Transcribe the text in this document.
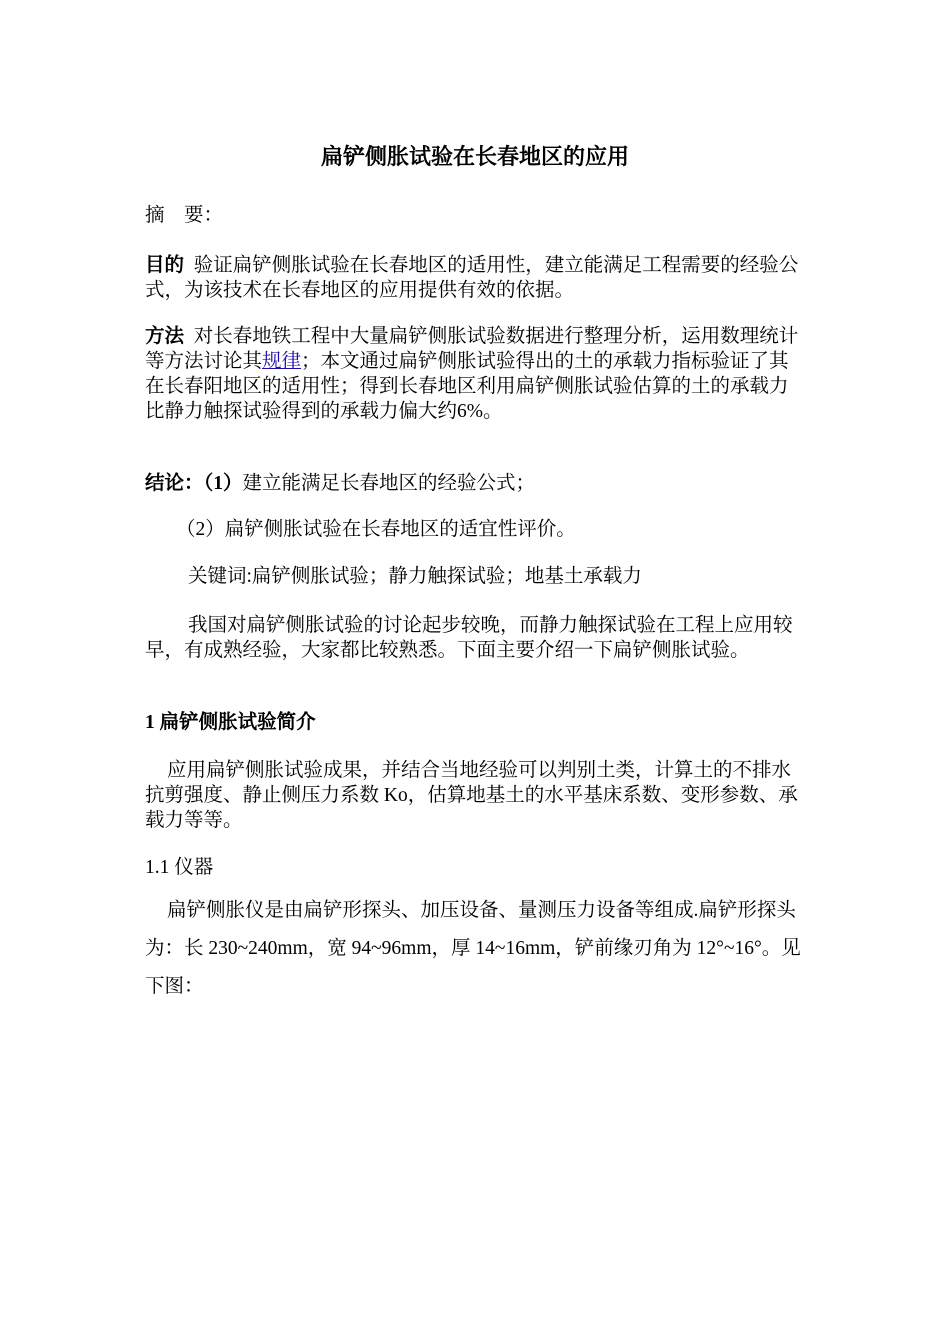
扁铲侧胀试验在长春地区的应用

摘　要：

目的 验证扁铲侧胀试验在长春地区的适用性，建立能满足工程需要的经验公式，为该技术在长春地区的应用提供有效的依据。

方法 对长春地铁工程中大量扁铲侧胀试验数据进行整理分析，运用数理统计等方法讨论其规律；本文通过扁铲侧胀试验得出的土的承载力指标验证了其在长春阳地区的适用性；得到长春地区利用扁铲侧胀试验估算的土的承载力比静力触探试验得到的承载力偏大约6%。

结论：（1）建立能满足长春地区的经验公式；

（2）扁铲侧胀试验在长春地区的适宜性评价。

关键词:扁铲侧胀试验；静力触探试验；地基土承载力

我国对扁铲侧胀试验的讨论起步较晚，而静力触探试验在工程上应用较早，有成熟经验，大家都比较熟悉。下面主要介绍一下扁铲侧胀试验。

1 扁铲侧胀试验简介

应用扁铲侧胀试验成果，并结合当地经验可以判别土类，计算土的不排水抗剪强度、静止侧压力系数 Ko，估算地基土的水平基床系数、变形参数、承载力等等。

1.1 仪器

扁铲侧胀仪是由扁铲形探头、加压设备、量测压力设备等组成.扁铲形探头为：长 230~240mm，宽 94~96mm，厚 14~16mm，铲前缘刃角为 12°~16°。见下图：
